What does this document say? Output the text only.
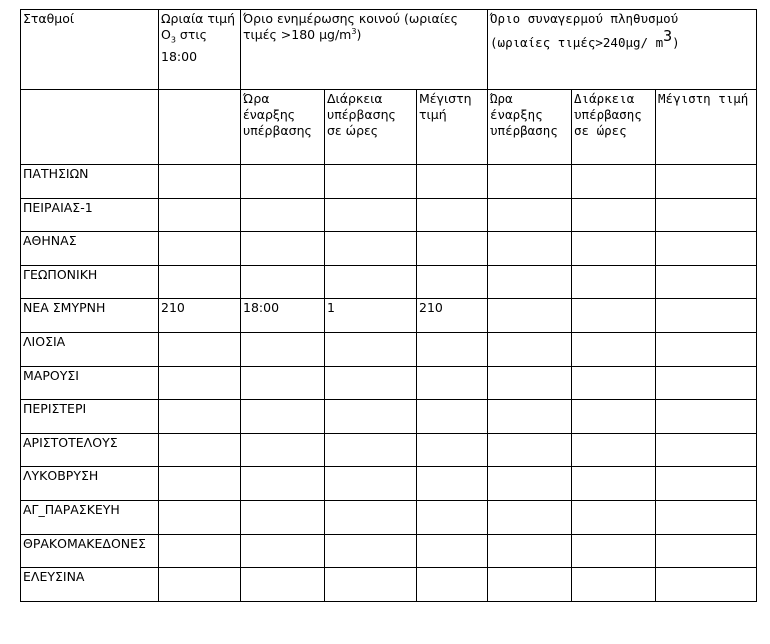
Σταθμοί	Ωριαία τιμή $O_3$ στις 18:00	Όριο ενημέρωσης κοινού (ωριαίες τιμές >180 $\mu g/m^3$)			Όριο συναγερμού πληθυσμού
(ωριαίες τιμές>240μg/ m3)		
		Ώρα έναρξης υπέρβασης	Διάρκεια υπέρβασης σε ώρες	Μέγιστη τιμή	Ώρα έναρξης υπέρβασης	Διάρκεια υπέρβασης σε ώρες	Μέγιστη τιμή
ΠΑΤΗΣΙΩΝ							
ΠΕΙΡΑΙΑΣ-1							
ΑΘΗΝΑΣ							
ΓΕΩΠΟΝΙΚΗ							
ΝΕΑ ΣΜΥΡΝΗ	210	18:00	1	210			
ΛΙΟΣΙΑ							
ΜΑΡΟΥΣΙ							
ΠΕΡΙΣΤΕΡΙ							
ΑΡΙΣΤΟΤΕΛΟΥΣ							
ΛΥΚΟΒΡΥΣΗ							
ΑΓ_ΠΑΡΑΣΚΕΥΗ							
ΘΡΑΚΟΜΑΚΕΔΟΝΕΣ							
ΕΛΕΥΣΙΝΑ							
